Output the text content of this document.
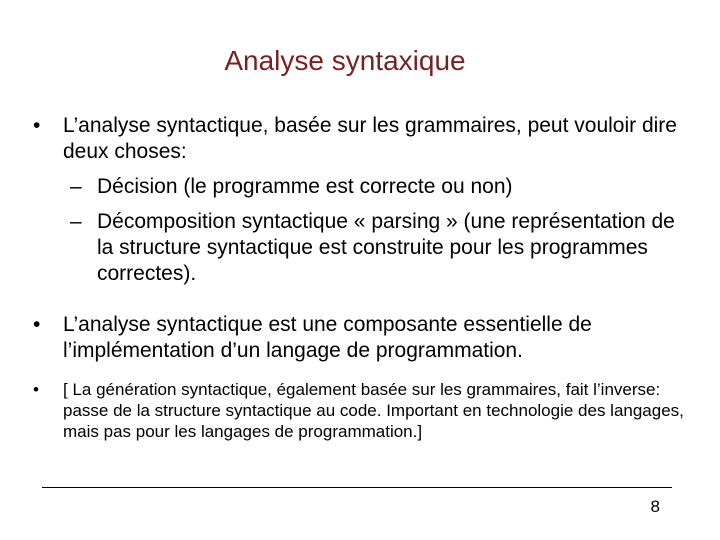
Analyse syntaxique
• L’analyse syntactique, basée sur les grammaires, peut vouloir dire deux choses:
– Décision (le programme est correcte ou non)
– Décomposition syntactique « parsing » (une représentation de la structure syntactique est construite pour les programmes correctes).
• L’analyse syntactique est une composante essentielle de l’implémentation d’un langage de programmation.
• [ La génération syntactique, également basée sur les grammaires, fait l’inverse: passe de la structure syntactique au code. Important en technologie des langages, mais pas pour les langages de programmation.]
8
